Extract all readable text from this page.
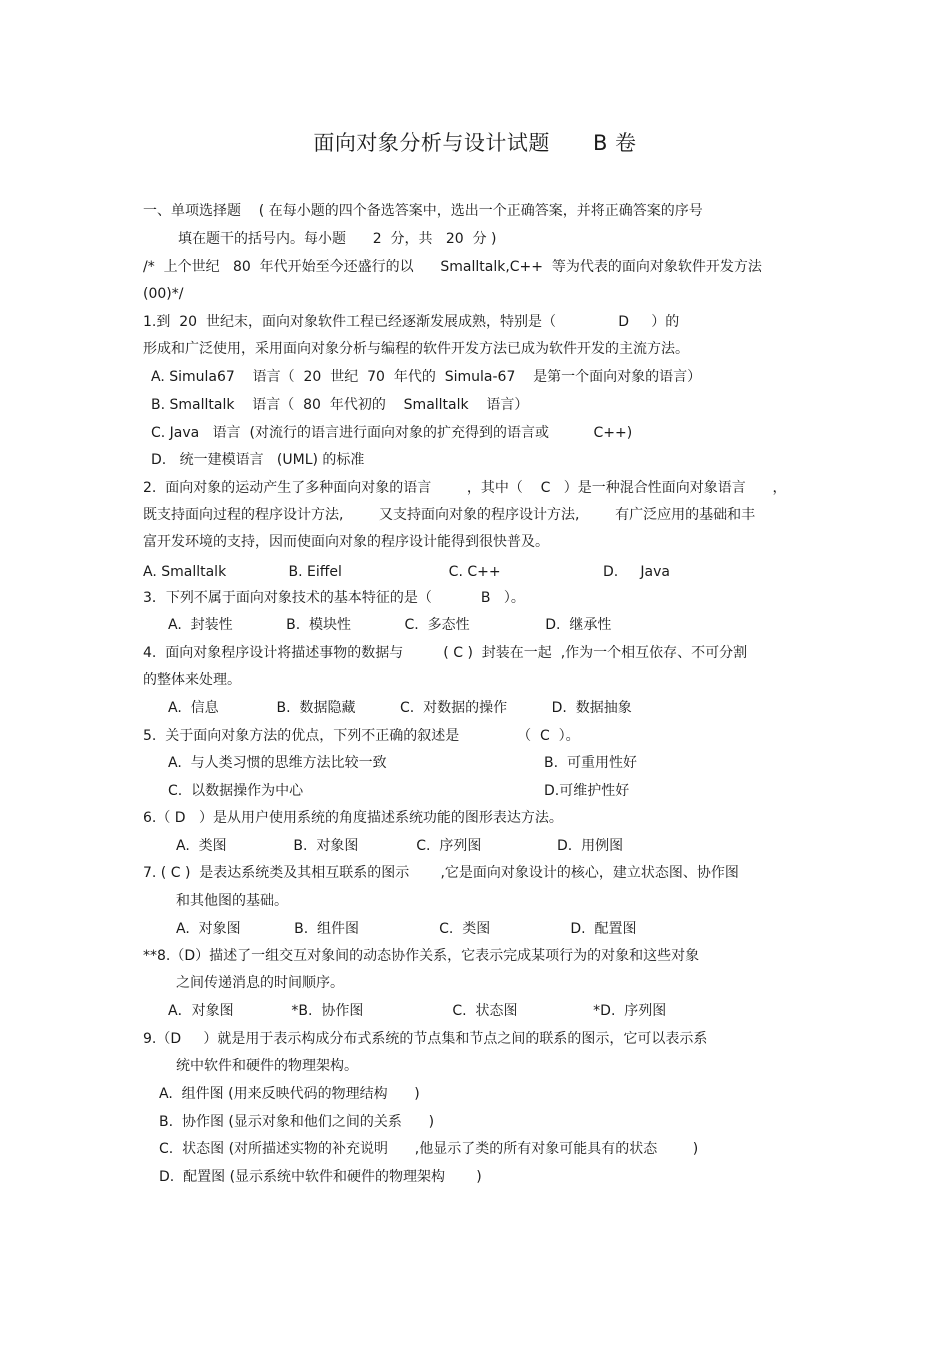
面向对象分析与设计试题      B 卷
一、单项选择题    ( 在每小题的四个备选答案中，选出一个正确答案，并将正确答案的序号
填在题干的括号内。每小题      2  分，共   20  分 )
/*  上个世纪   80  年代开始至今还盛行的以      Smalltalk,C++  等为代表的面向对象软件开发方法
(00)*/
1.到  20  世纪末，面向对象软件工程已经逐渐发展成熟，特别是（              D     ）的
形成和广泛使用，采用面向对象分析与编程的软件开发方法已成为软件开发的主流方法。
A. Simula67    语言（  20  世纪  70  年代的  Simula-67    是第一个面向对象的语言）
B. Smalltalk    语言（  80  年代初的    Smalltalk    语言）
C. Java   语言  (对流行的语言进行面向对象的扩充得到的语言或          C++)
D.   统一建模语言   (UML) 的标准
2.  面向对象的运动产生了多种面向对象的语言        ，其中（    C   ）是一种混合性面向对象语言      ，
既支持面向过程的程序设计方法,        又支持面向对象的程序设计方法,        有广泛应用的基础和丰
富开发环境的支持，因而使面向对象的程序设计能得到很快普及。
A. Smalltalk              B. Eiffel                        C. C++                       D.     Java
3．下列不属于面向对象技术的基本特征的是（           B   ）。
A.  封装性            B.  模块性            C.  多态性                 D.  继承性
4.  面向对象程序设计将描述事物的数据与         ( C )  封装在一起  ,作为一个相互依存、不可分割
的整体来处理。
A.  信息             B.  数据隐藏          C.  对数据的操作          D.  数据抽象
5.  关于面向对象方法的优点，下列不正确的叙述是             （  C  ）。
A.  与人类习惯的思维方法比较一致	B.  可重用性好
C.  以数据操作为中心	D.可维护性好
6.（ D   ）是从用户使用系统的角度描述系统功能的图形表达方法。
A.  类图               B.  对象图             C.  序列图                 D.  用例图
7. ( C )  是表达系统类及其相互联系的图示       ,它是面向对象设计的核心，建立状态图、协作图
和其他图的基础。
A.  对象图            B.  组件图                  C.  类图                  D.  配置图
**8.（D）描述了一组交互对象间的动态协作关系，它表示完成某项行为的对象和这些对象
之间传递消息的时间顺序。
A．对象图             *B.  协作图                    C.  状态图                 *D.  序列图
9.（D     ）就是用于表示构成分布式系统的节点集和节点之间的联系的图示，它可以表示系
统中软件和硬件的物理架构。
A.  组件图 (用来反映代码的物理结构      )
B.  协作图 (显示对象和他们之间的关系      )
C.  状态图 (对所描述实物的补充说明      ,他显示了类的所有对象可能具有的状态        )
D.  配置图 (显示系统中软件和硬件的物理架构       )
